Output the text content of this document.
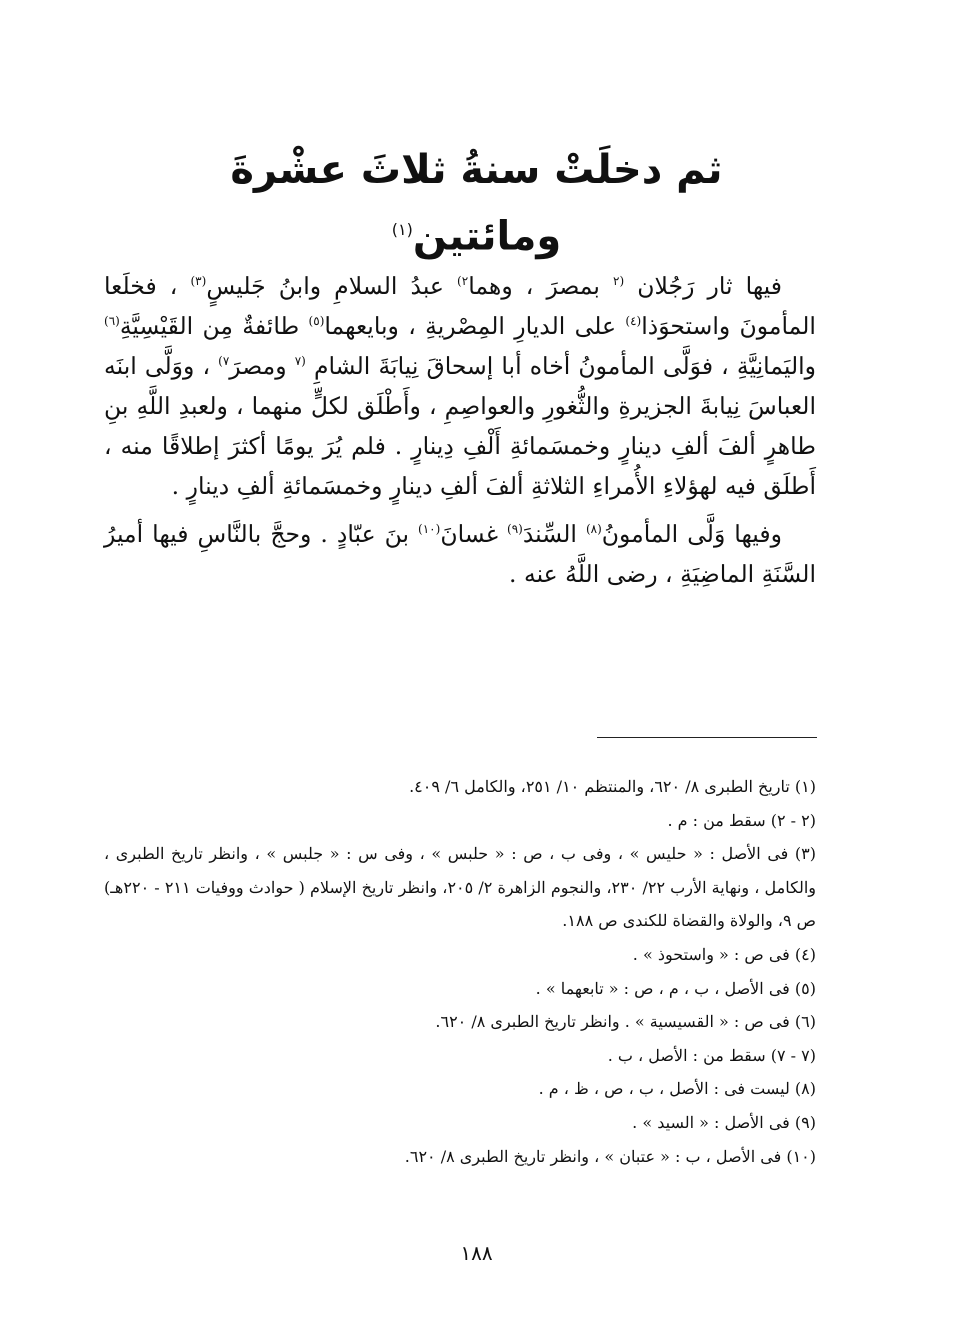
ثم دخلَتْ سنةُ ثلاثَ عشْرةَ ومائتين$^{(١)}$

فيها ثار رَجُلان $^{(٢}$ بمصرَ ، وهما$^{٢)}$ عبدُ السلامِ وابنُ جَليسٍ$^{(٣)}$ ، فخلَعا المأمونَ واستحوَذا$^{(٤)}$ على الديارِ المِصْريةِ ، وبايعهما$^{(٥)}$ طائفةٌ مِن القَيْسِيَّةِ$^{(٦)}$ واليَمانِيَّةِ ، فوَلَّى المأمونُ أخاه أبا إسحاقَ نِيابَةَ الشامِ $^{(٧}$ ومصرَ$^{٧)}$ ، ووَلَّى ابنَه العباسَ نِيابةَ الجزيرةِ والثُّغورِ والعواصِمِ ، وأَطْلَق لكلٍّ منهما ، ولعبدِ اللَّهِ بنِ طاهرٍ ألفَ ألفِ دينارٍ وخمسَمائةِ أَلْفِ دِينارٍ . فلم يُرَ يومًا أكثرَ إطلاقًا منه ، أَطلَق فيه لهؤلاءِ الأُمراءِ الثلاثةِ ألفَ ألفِ دينارٍ وخمسَمائةِ ألفِ دينارٍ .

وفيها وَلَّى المأمونُ$^{(٨)}$ السِّندَ$^{(٩)}$ غسانَ$^{(١٠)}$ بنَ عبّادٍ . وحجَّ بالنَّاسِ فيها أميرُ السَّنَةِ الماضِيَةِ ، رضى اللَّهُ عنه .

(١) تاريخ الطبرى ٨/ ٦٢٠، والمنتظم ١٠/ ٢٥١، والكامل ٦/ ٤٠٩.

(٢ - ٢) سقط من : م .

(٣) فى الأصل : « حليس » ، وفى ب ، ص : « حلبس » ، وفى س : « جلبس » ، وانظر تاريخ الطبرى ، والكامل ، ونهاية الأرب ٢٢/ ٢٣٠، والنجوم الزاهرة ٢/ ٢٠٥، وانظر تاريخ الإسلام ( حوادث ووفيات ٢١١ - ٢٢٠هـ) ص ٩، والولاة والقضاة للكندى ص ١٨٨.

(٤) فى ص : « واستحوذ » .

(٥) فى الأصل ، ب ، م ، ص : « تابعهما » .

(٦) فى ص : « القسيسية » . وانظر تاريخ الطبرى ٨/ ٦٢٠.

(٧ - ٧) سقط من : الأصل ، ب .

(٨) ليست فى : الأصل ، ب ، ص ، ظ ، م .

(٩) فى الأصل : « السيد » .

(١٠) فى الأصل ، ب : « عتبان » ، وانظر تاريخ الطبرى ٨/ ٦٢٠.

١٨٨
